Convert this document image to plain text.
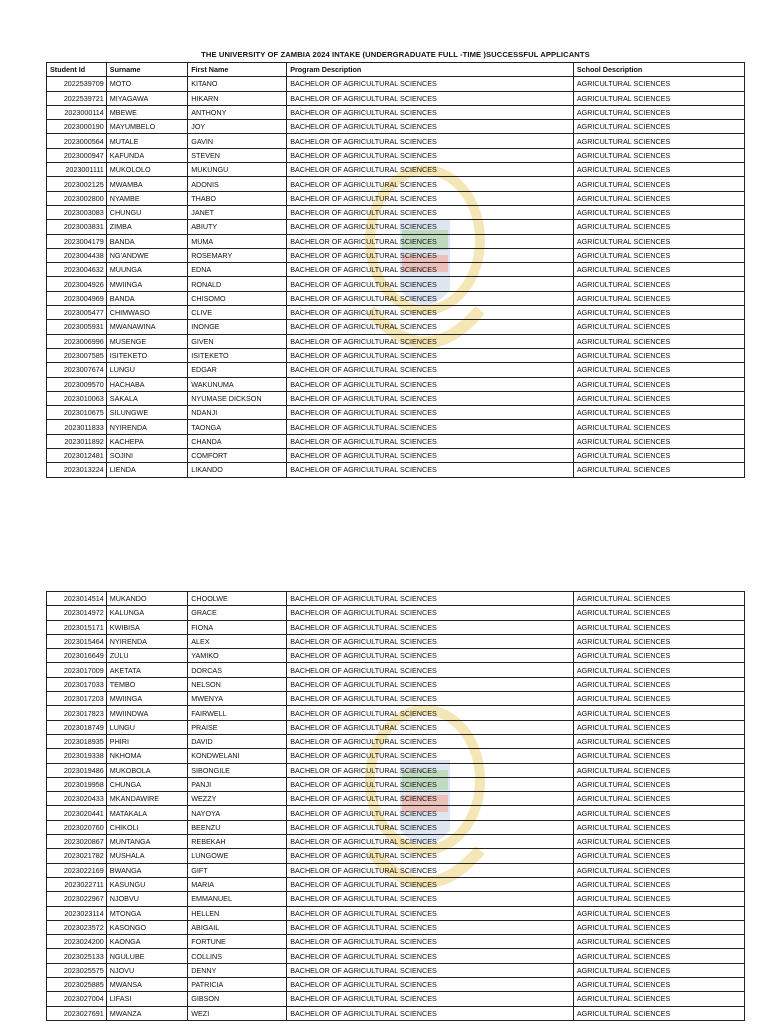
THE UNIVERSITY OF ZAMBIA 2024 INTAKE (UNDERGRADUATE FULL -TIME )SUCCESSFUL APPLICANTS
Student Id	Surname	First Name	Program Description	School Description
2022539709	MOTO	KITANO	BACHELOR OF AGRICULTURAL SCIENCES	AGRICULTURAL SCIENCES
2022539721	MIYAGAWA	HIKARN	BACHELOR OF AGRICULTURAL SCIENCES	AGRICULTURAL SCIENCES
2023000114	MBEWE	ANTHONY	BACHELOR OF AGRICULTURAL SCIENCES	AGRICULTURAL SCIENCES
2023000190	MAYUMBELO	JOY	BACHELOR OF AGRICULTURAL SCIENCES	AGRICULTURAL SCIENCES
2023000564	MUTALE	GAVIN	BACHELOR OF AGRICULTURAL SCIENCES	AGRICULTURAL SCIENCES
2023000947	KAFUNDA	STEVEN	BACHELOR OF AGRICULTURAL SCIENCES	AGRICULTURAL SCIENCES
2023001111	MUKOLOLO	MUKUNGU	BACHELOR OF AGRICULTURAL SCIENCES	AGRICULTURAL SCIENCES
2023002125	MWAMBA	ADONIS	BACHELOR OF AGRICULTURAL SCIENCES	AGRICULTURAL SCIENCES
2023002800	NYAMBE	THABO	BACHELOR OF AGRICULTURAL SCIENCES	AGRICULTURAL SCIENCES
2023003083	CHUNGU	JANET	BACHELOR OF AGRICULTURAL SCIENCES	AGRICULTURAL SCIENCES
2023003831	ZIMBA	ABIUTY	BACHELOR OF AGRICULTURAL SCIENCES	AGRICULTURAL SCIENCES
2023004179	BANDA	MUMA	BACHELOR OF AGRICULTURAL SCIENCES	AGRICULTURAL SCIENCES
2023004438	NG'ANDWE	ROSEMARY	BACHELOR OF AGRICULTURAL SCIENCES	AGRICULTURAL SCIENCES
2023004632	MUUNGA	EDNA	BACHELOR OF AGRICULTURAL SCIENCES	AGRICULTURAL SCIENCES
2023004926	MWIINGA	RONALD	BACHELOR OF AGRICULTURAL SCIENCES	AGRICULTURAL SCIENCES
2023004969	BANDA	CHISOMO	BACHELOR OF AGRICULTURAL SCIENCES	AGRICULTURAL SCIENCES
2023005477	CHIMWASO	CLIVE	BACHELOR OF AGRICULTURAL SCIENCES	AGRICULTURAL SCIENCES
2023005931	MWANAWINA	INONGE	BACHELOR OF AGRICULTURAL SCIENCES	AGRICULTURAL SCIENCES
2023006996	MUSENGE	GIVEN	BACHELOR OF AGRICULTURAL SCIENCES	AGRICULTURAL SCIENCES
2023007585	ISITEKETO	ISITEKETO	BACHELOR OF AGRICULTURAL SCIENCES	AGRICULTURAL SCIENCES
2023007674	LUNGU	EDGAR	BACHELOR OF AGRICULTURAL SCIENCES	AGRICULTURAL SCIENCES
2023009570	HACHABA	WAKUNUMA	BACHELOR OF AGRICULTURAL SCIENCES	AGRICULTURAL SCIENCES
2023010063	SAKALA	NYUMASE DICKSON	BACHELOR OF AGRICULTURAL SCIENCES	AGRICULTURAL SCIENCES
2023010675	SILUNGWE	NDANJI	BACHELOR OF AGRICULTURAL SCIENCES	AGRICULTURAL SCIENCES
2023011833	NYIRENDA	TAONGA	BACHELOR OF AGRICULTURAL SCIENCES	AGRICULTURAL SCIENCES
2023011892	KACHEPA	CHANDA	BACHELOR OF AGRICULTURAL SCIENCES	AGRICULTURAL SCIENCES
2023012481	SOJINI	COMFORT	BACHELOR OF AGRICULTURAL SCIENCES	AGRICULTURAL SCIENCES
2023013224	LIENDA	LIKANDO	BACHELOR OF AGRICULTURAL SCIENCES	AGRICULTURAL SCIENCES
2023014514	MUKANDO	CHOOLWE	BACHELOR OF AGRICULTURAL SCIENCES	AGRICULTURAL SCIENCES
2023014972	KALUNGA	GRACE	BACHELOR OF AGRICULTURAL SCIENCES	AGRICULTURAL SCIENCES
2023015171	KWIBISA	FIONA	BACHELOR OF AGRICULTURAL SCIENCES	AGRICULTURAL SCIENCES
2023015464	NYIRENDA	ALEX	BACHELOR OF AGRICULTURAL SCIENCES	AGRICULTURAL SCIENCES
2023016649	ZULU	YAMIKO	BACHELOR OF AGRICULTURAL SCIENCES	AGRICULTURAL SCIENCES
2023017009	AKETATA	DORCAS	BACHELOR OF AGRICULTURAL SCIENCES	AGRICULTURAL SCIENCES
2023017033	TEMBO	NELSON	BACHELOR OF AGRICULTURAL SCIENCES	AGRICULTURAL SCIENCES
2023017203	MWIINGA	MWENYA	BACHELOR OF AGRICULTURAL SCIENCES	AGRICULTURAL SCIENCES
2023017823	MWIINDWA	FAIRWELL	BACHELOR OF AGRICULTURAL SCIENCES	AGRICULTURAL SCIENCES
2023018749	LUNGU	PRAISE	BACHELOR OF AGRICULTURAL SCIENCES	AGRICULTURAL SCIENCES
2023018935	PHIRI	DAVID	BACHELOR OF AGRICULTURAL SCIENCES	AGRICULTURAL SCIENCES
2023019338	NKHOMA	KONDWELANI	BACHELOR OF AGRICULTURAL SCIENCES	AGRICULTURAL SCIENCES
2023019486	MUKOBOLA	SIBONGILE	BACHELOR OF AGRICULTURAL SCIENCES	AGRICULTURAL SCIENCES
2023019958	CHUNGA	PANJI	BACHELOR OF AGRICULTURAL SCIENCES	AGRICULTURAL SCIENCES
2023020433	MKANDAWIRE	WEZZY	BACHELOR OF AGRICULTURAL SCIENCES	AGRICULTURAL SCIENCES
2023020441	MATAKALA	NAYOYA	BACHELOR OF AGRICULTURAL SCIENCES	AGRICULTURAL SCIENCES
2023020760	CHIKOLI	BEENZU	BACHELOR OF AGRICULTURAL SCIENCES	AGRICULTURAL SCIENCES
2023020867	MUNTANGA	REBEKAH	BACHELOR OF AGRICULTURAL SCIENCES	AGRICULTURAL SCIENCES
2023021782	MUSHALA	LUNGOWE	BACHELOR OF AGRICULTURAL SCIENCES	AGRICULTURAL SCIENCES
2023022169	BWANGA	GIFT	BACHELOR OF AGRICULTURAL SCIENCES	AGRICULTURAL SCIENCES
2023022711	KASUNGU	MARIA	BACHELOR OF AGRICULTURAL SCIENCES	AGRICULTURAL SCIENCES
2023022967	NJOBVU	EMMANUEL	BACHELOR OF AGRICULTURAL SCIENCES	AGRICULTURAL SCIENCES
2023023114	MTONGA	HELLEN	BACHELOR OF AGRICULTURAL SCIENCES	AGRICULTURAL SCIENCES
2023023572	KASONGO	ABIGAIL	BACHELOR OF AGRICULTURAL SCIENCES	AGRICULTURAL SCIENCES
2023024200	KAONGA	FORTUNE	BACHELOR OF AGRICULTURAL SCIENCES	AGRICULTURAL SCIENCES
2023025133	NGULUBE	COLLINS	BACHELOR OF AGRICULTURAL SCIENCES	AGRICULTURAL SCIENCES
2023025575	NJOVU	DENNY	BACHELOR OF AGRICULTURAL SCIENCES	AGRICULTURAL SCIENCES
2023025885	MWANSA	PATRICIA	BACHELOR OF AGRICULTURAL SCIENCES	AGRICULTURAL SCIENCES
2023027004	LIFASI	GIBSON	BACHELOR OF AGRICULTURAL SCIENCES	AGRICULTURAL SCIENCES
2023027691	MWANZA	WEZI	BACHELOR OF AGRICULTURAL SCIENCES	AGRICULTURAL SCIENCES
